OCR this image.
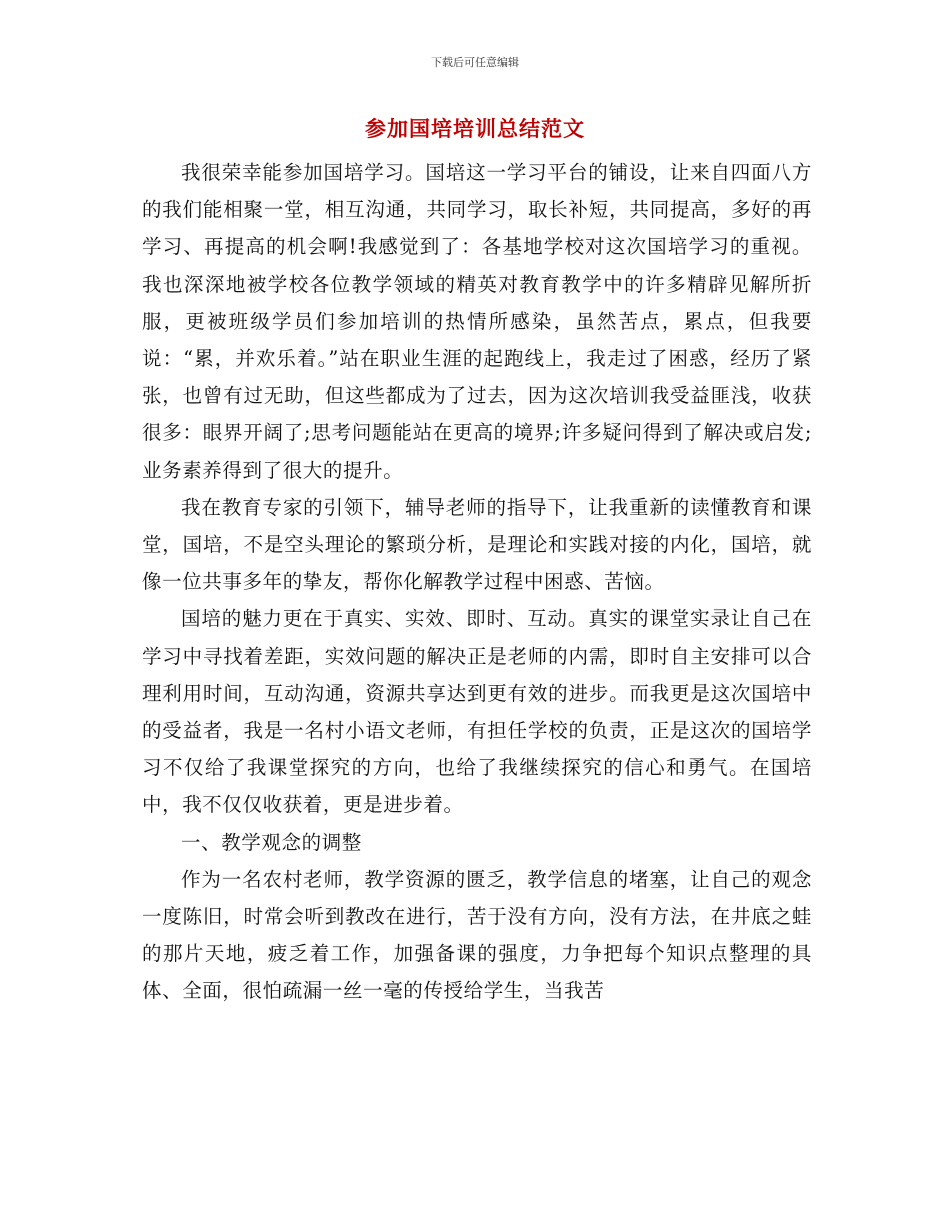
下载后可任意编辑
参加国培培训总结范文

我很荣幸能参加国培学习。国培这一学习平台的铺设，让来自四面八方的我们能相聚一堂，相互沟通，共同学习，取长补短，共同提高，多好的再学习、再提高的机会啊!我感觉到了：各基地学校对这次国培学习的重视。我也深深地被学校各位教学领域的精英对教育教学中的许多精辟见解所折服，更被班级学员们参加培训的热情所感染，虽然苦点，累点，但我要说：“累，并欢乐着。”站在职业生涯的起跑线上，我走过了困惑，经历了紧张，也曾有过无助，但这些都成为了过去，因为这次培训我受益匪浅，收获很多：眼界开阔了;思考问题能站在更高的境界;许多疑问得到了解决或启发;业务素养得到了很大的提升。

我在教育专家的引领下，辅导老师的指导下，让我重新的读懂教育和课堂，国培，不是空头理论的繁琐分析，是理论和实践对接的内化，国培，就像一位共事多年的挚友，帮你化解教学过程中困惑、苦恼。

国培的魅力更在于真实、实效、即时、互动。真实的课堂实录让自己在学习中寻找着差距，实效问题的解决正是老师的内需，即时自主安排可以合理利用时间，互动沟通，资源共享达到更有效的进步。而我更是这次国培中的受益者，我是一名村小语文老师，有担任学校的负责，正是这次的国培学习不仅给了我课堂探究的方向，也给了我继续探究的信心和勇气。在国培中，我不仅仅收获着，更是进步着。

一、教学观念的调整

作为一名农村老师，教学资源的匮乏，教学信息的堵塞，让自己的观念一度陈旧，时常会听到教改在进行，苦于没有方向，没有方法，在井底之蛙的那片天地，疲乏着工作，加强备课的强度，力争把每个知识点整理的具体、全面，很怕疏漏一丝一毫的传授给学生，当我苦
